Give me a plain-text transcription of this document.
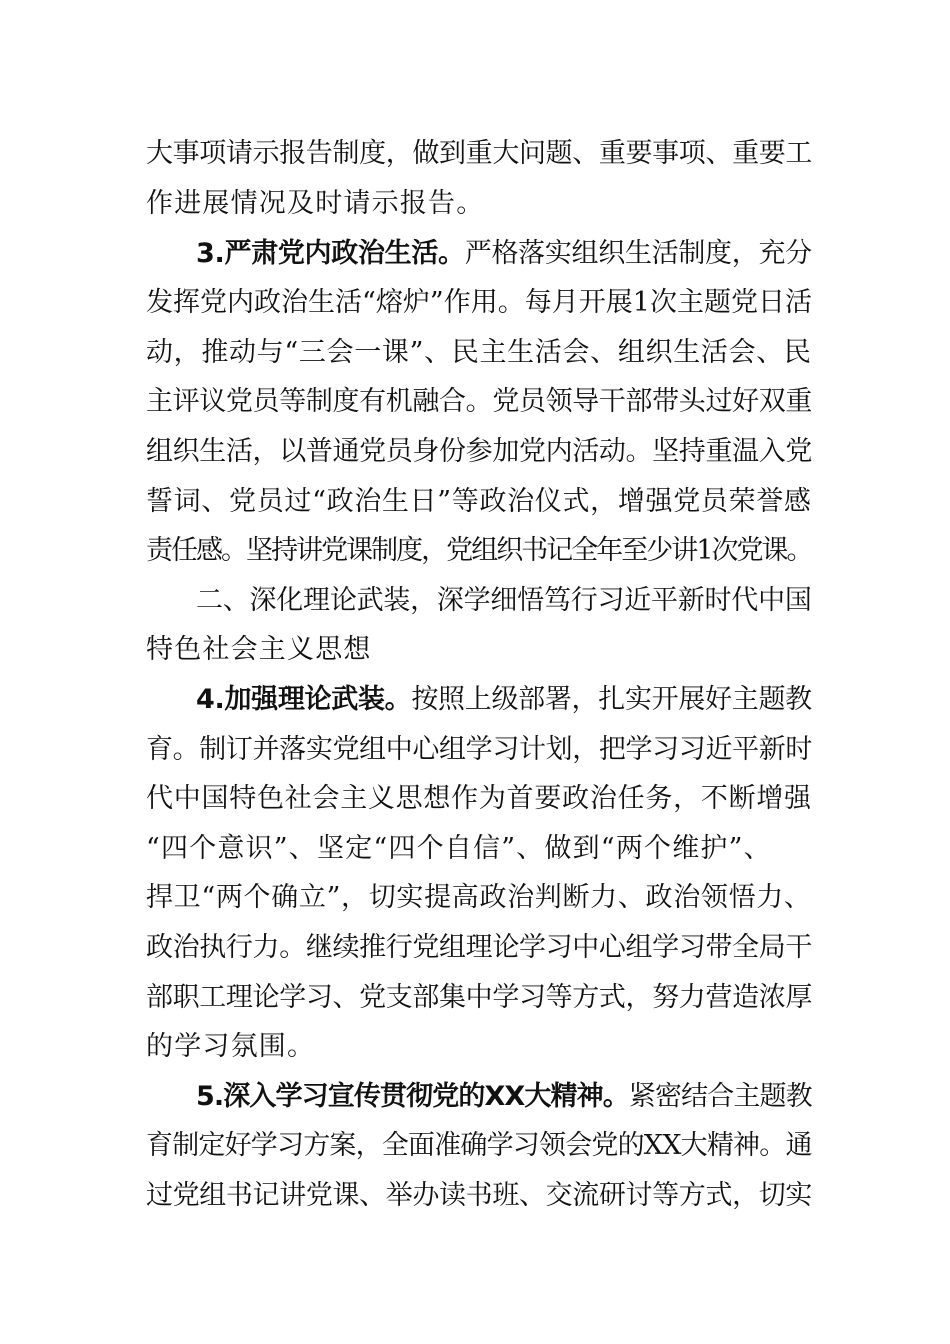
大事项请示报告制度，做到重大问题、重要事项、重要工
作进展情况及时请示报告。
3.严肃党内政治生活。严格落实组织生活制度，充分
发挥党内政治生活“熔炉”作用。每月开展1次主题党日活
动，推动与“三会一课”、民主生活会、组织生活会、民
主评议党员等制度有机融合。党员领导干部带头过好双重
组织生活，以普通党员身份参加党内活动。坚持重温入党
誓词、党员过“政治生日”等政治仪式，增强党员荣誉感
责任感。坚持讲党课制度，党组织书记全年至少讲1次党课。
二、深化理论武装，深学细悟笃行习近平新时代中国
特色社会主义思想
4.加强理论武装。按照上级部署，扎实开展好主题教
育。制订并落实党组中心组学习计划，把学习习近平新时
代中国特色社会主义思想作为首要政治任务，不断增强
“四个意识”、坚定“四个自信”、做到“两个维护”、
捍卫“两个确立”，切实提高政治判断力、政治领悟力、
政治执行力。继续推行党组理论学习中心组学习带全局干
部职工理论学习、党支部集中学习等方式，努力营造浓厚
的学习氛围。
5.深入学习宣传贯彻党的XX大精神。紧密结合主题教
育制定好学习方案，全面准确学习领会党的XX大精神。通
过党组书记讲党课、举办读书班、交流研讨等方式，切实
